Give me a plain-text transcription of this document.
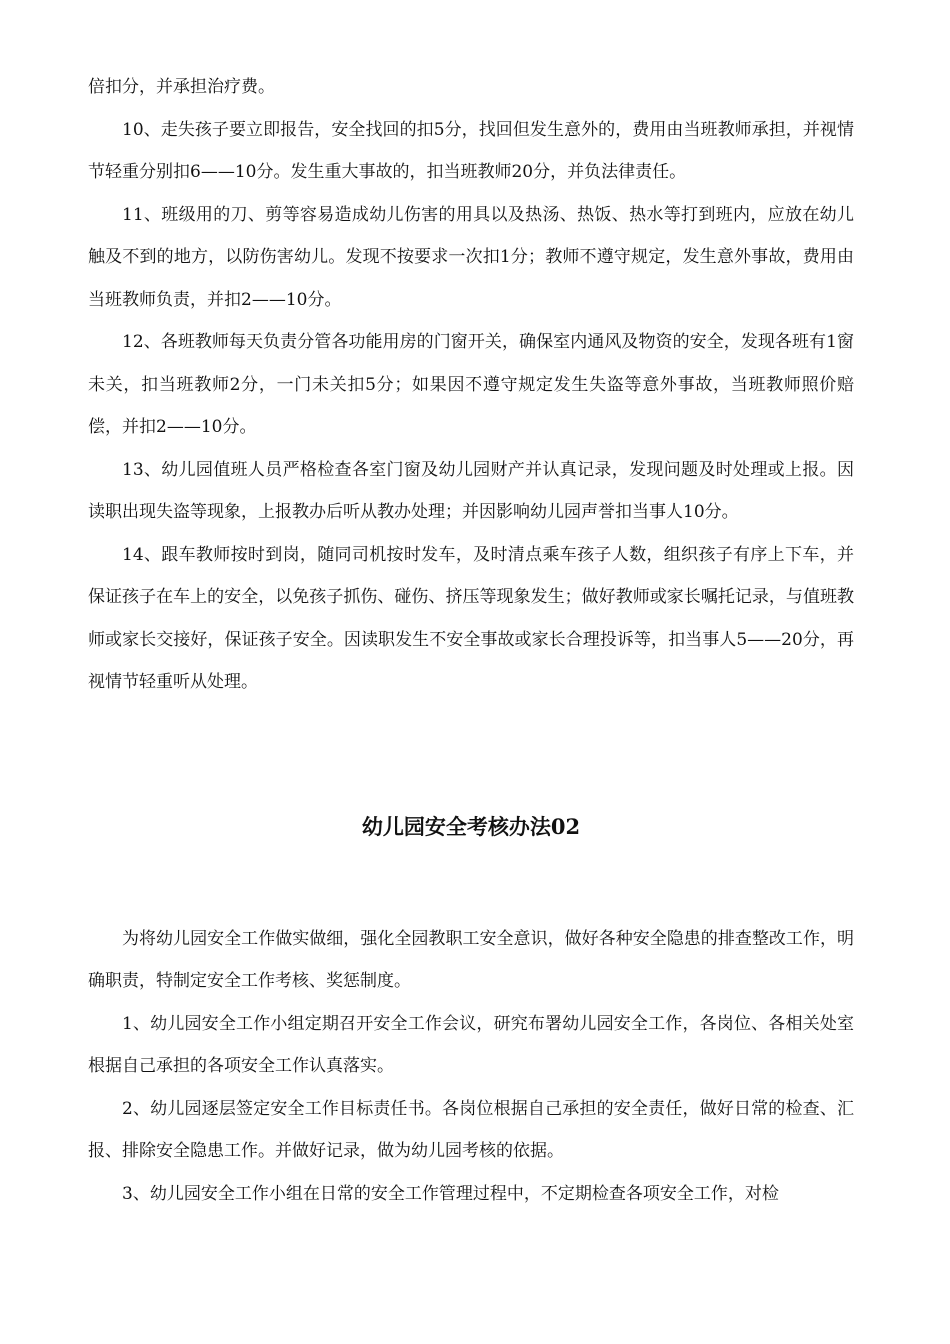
倍扣分，并承担治疗费。

10、走失孩子要立即报告，安全找回的扣5分，找回但发生意外的，费用由当班教师承担，并视情节轻重分别扣6——10分。发生重大事故的，扣当班教师20分，并负法律责任。

11、班级用的刀、剪等容易造成幼儿伤害的用具以及热汤、热饭、热水等打到班内，应放在幼儿触及不到的地方，以防伤害幼儿。发现不按要求一次扣1分；教师不遵守规定，发生意外事故，费用由当班教师负责，并扣2——10分。

12、各班教师每天负责分管各功能用房的门窗开关，确保室内通风及物资的安全，发现各班有1窗未关，扣当班教师2分，一门未关扣5分；如果因不遵守规定发生失盗等意外事故，当班教师照价赔偿，并扣2——10分。

13、幼儿园值班人员严格检查各室门窗及幼儿园财产并认真记录，发现问题及时处理或上报。因读职出现失盗等现象，上报教办后听从教办处理；并因影响幼儿园声誉扣当事人10分。

14、跟车教师按时到岗，随同司机按时发车，及时清点乘车孩子人数，组织孩子有序上下车，并保证孩子在车上的安全，以免孩子抓伤、碰伤、挤压等现象发生；做好教师或家长嘱托记录，与值班教师或家长交接好，保证孩子安全。因读职发生不安全事故或家长合理投诉等，扣当事人5——20分，再视情节轻重听从处理。

幼儿园安全考核办法02

为将幼儿园安全工作做实做细，强化全园教职工安全意识，做好各种安全隐患的排查整改工作，明确职责，特制定安全工作考核、奖惩制度。

1、幼儿园安全工作小组定期召开安全工作会议，研究布署幼儿园安全工作，各岗位、各相关处室根据自己承担的各项安全工作认真落实。

2、幼儿园逐层签定安全工作目标责任书。各岗位根据自己承担的安全责任，做好日常的检查、汇报、排除安全隐患工作。并做好记录，做为幼儿园考核的依据。

3、幼儿园安全工作小组在日常的安全工作管理过程中，不定期检查各项安全工作，对检
